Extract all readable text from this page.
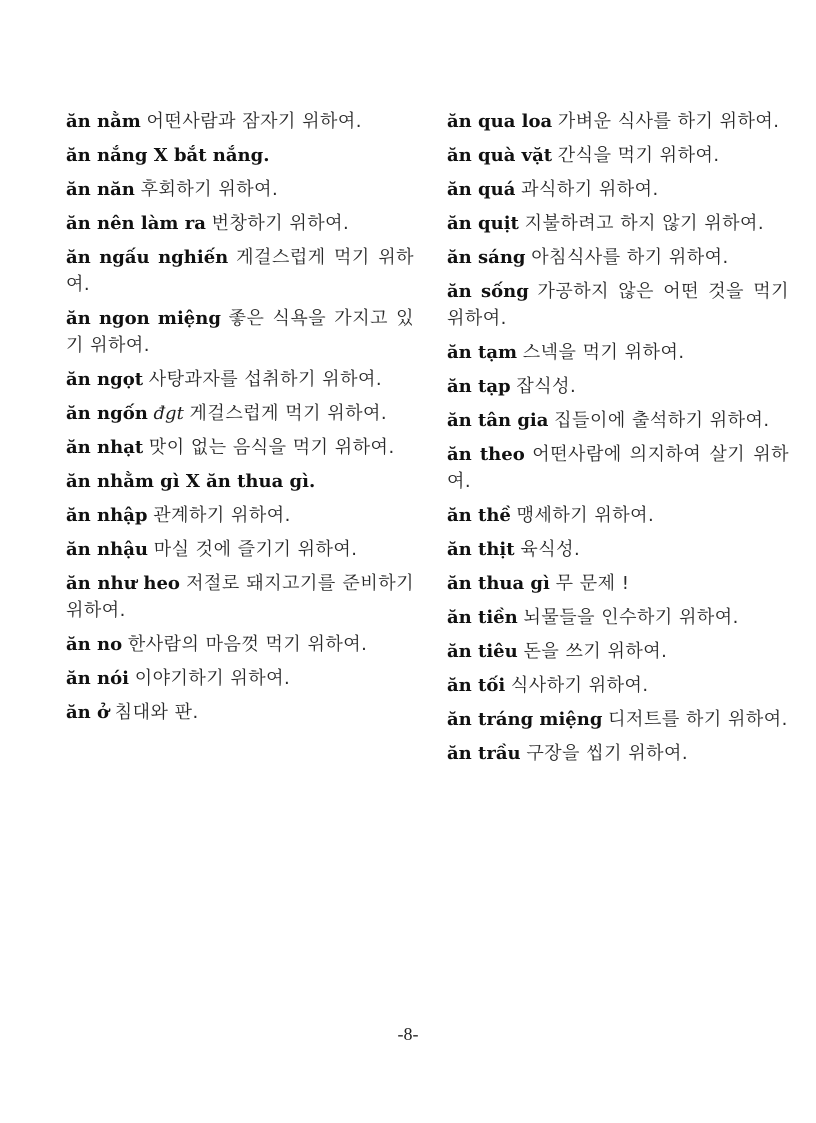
ăn nằm 어떤사람과 잠자기 위하여.

ăn nắng X bắt nắng.

ăn năn 후회하기 위하여.

ăn nên làm ra 번창하기 위하여.

ăn ngấu nghiến 게걸스럽게 먹기 위하여.

ăn ngon miệng 좋은 식욕을 가지고 있기 위하여.

ăn ngọt 사탕과자를 섭취하기 위하여.

ăn ngốn đgt 게걸스럽게 먹기 위하여.

ăn nhạt 맛이 없는 음식을 먹기 위하여.

ăn nhằm gì X ăn thua gì.

ăn nhập 관계하기 위하여.

ăn nhậu 마실 것에 즐기기 위하여.

ăn như heo 저절로 돼지고기를 준비하기 위하여.

ăn no 한사람의 마음껏 먹기 위하여.

ăn nói 이야기하기 위하여.

ăn ở 침대와 판.

ăn qua loa 가벼운 식사를 하기 위하여.

ăn quà vặt 간식을 먹기 위하여.

ăn quá 과식하기 위하여.

ăn quịt 지불하려고 하지 않기 위하여.

ăn sáng 아침식사를 하기 위하여.

ăn sống 가공하지 않은 어떤 것을 먹기 위하여.

ăn tạm 스넥을 먹기 위하여.

ăn tạp 잡식성.

ăn tân gia 집들이에 출석하기 위하여.

ăn theo 어떤사람에 의지하여 살기 위하여.

ăn thề 맹세하기 위하여.

ăn thịt 육식성.

ăn thua gì 무 문제 !

ăn tiền 뇌물들을 인수하기 위하여.

ăn tiêu 돈을 쓰기 위하여.

ăn tối 식사하기 위하여.

ăn tráng miệng 디저트를 하기 위하여.

ăn trầu 구장을 씹기 위하여.

-8-
